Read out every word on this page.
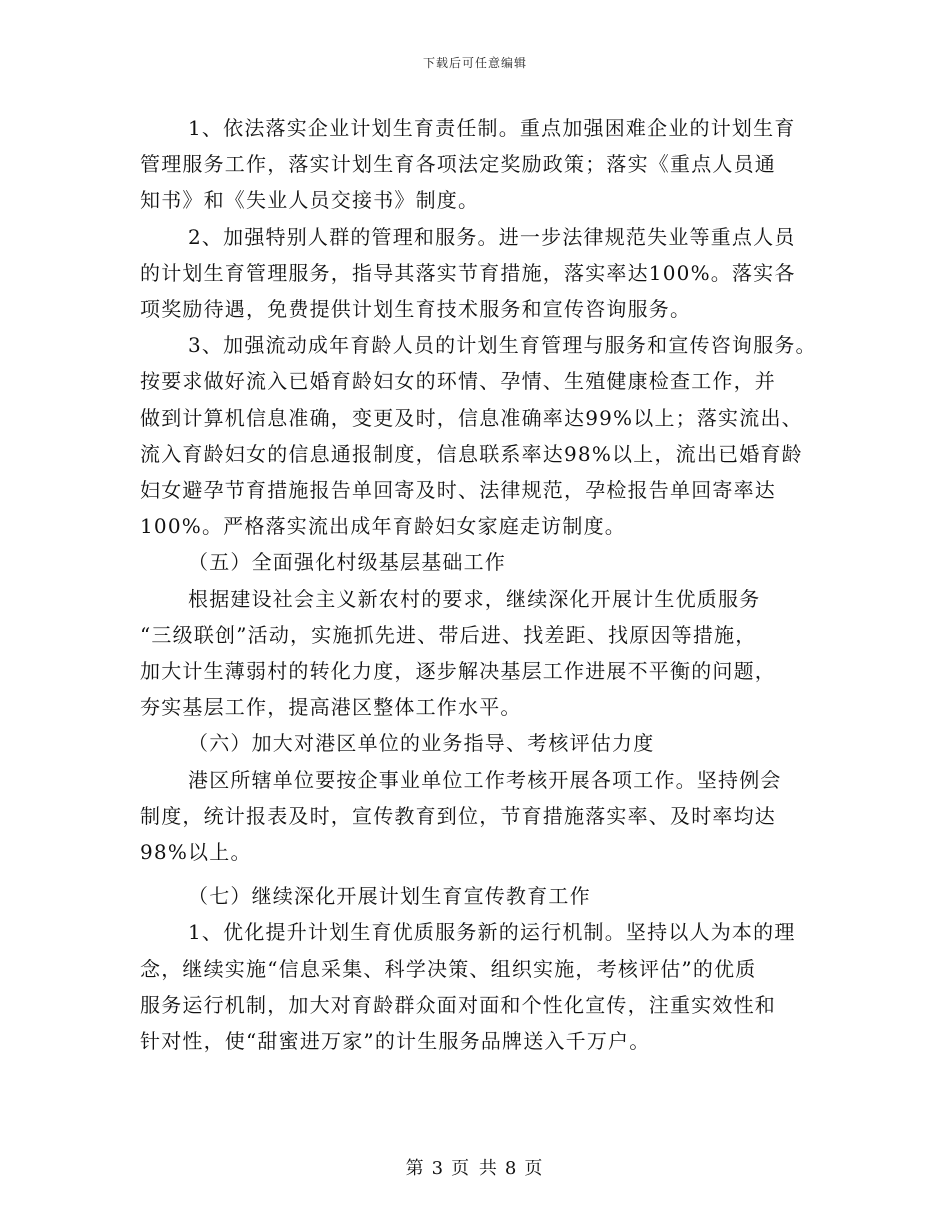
下载后可任意编辑

1、依法落实企业计划生育责任制。重点加强困难企业的计划生育
管理服务工作，落实计划生育各项法定奖励政策；落实《重点人员通
知书》和《失业人员交接书》制度。

2、加强特别人群的管理和服务。进一步法律规范失业等重点人员
的计划生育管理服务，指导其落实节育措施，落实率达100%。落实各
项奖励待遇，免费提供计划生育技术服务和宣传咨询服务。

3、加强流动成年育龄人员的计划生育管理与服务和宣传咨询服务。
按要求做好流入已婚育龄妇女的环情、孕情、生殖健康检查工作，并
做到计算机信息准确，变更及时，信息准确率达99%以上；落实流出、
流入育龄妇女的信息通报制度，信息联系率达98%以上，流出已婚育龄
妇女避孕节育措施报告单回寄及时、法律规范，孕检报告单回寄率达
100%。严格落实流出成年育龄妇女家庭走访制度。

（五）全面强化村级基层基础工作

根据建设社会主义新农村的要求，继续深化开展计生优质服务
“三级联创”活动，实施抓先进、带后进、找差距、找原因等措施，
加大计生薄弱村的转化力度，逐步解决基层工作进展不平衡的问题，
夯实基层工作，提高港区整体工作水平。

（六）加大对港区单位的业务指导、考核评估力度

港区所辖单位要按企事业单位工作考核开展各项工作。坚持例会
制度，统计报表及时，宣传教育到位，节育措施落实率、及时率均达
98%以上。

（七）继续深化开展计划生育宣传教育工作

1、优化提升计划生育优质服务新的运行机制。坚持以人为本的理
念，继续实施“信息采集、科学决策、组织实施，考核评估”的优质
服务运行机制，加大对育龄群众面对面和个性化宣传，注重实效性和
针对性，使“甜蜜进万家”的计生服务品牌送入千万户。

第 3 页 共 8 页
